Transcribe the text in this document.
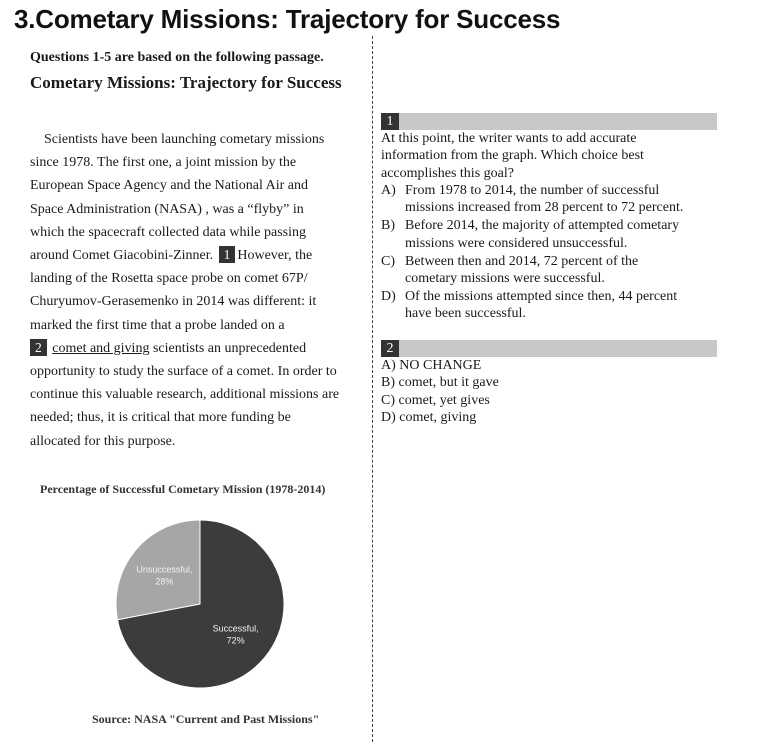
3.Cometary Missions: Trajectory for Success
Questions 1-5 are based on the following passage.
Cometary Missions: Trajectory for Success
Scientists have been launching cometary missions
since 1978. The first one, a joint mission by the
European Space Agency and the National Air and
Space Administration (NASA) , was a “flyby” in
which the spacecraft collected data while passing
around Comet Giacobini-Zinner. 1 However, the
landing of the Rosetta space probe on comet 67P/
Churyumov-Gerasemenko in 2014 was different: it
marked the first time that a probe landed on a
2 comet and giving scientists an unprecedented
opportunity to study the surface of a comet. In order to
continue this valuable research, additional missions are
needed; thus, it is critical that more funding be
allocated for this purpose.
Percentage of Successful Cometary Mission (1978-2014)
Successful,
72%
Unsuccessful,
28%
Source: NASA "Current and Past Missions"
1
At this point, the writer wants to add accurate
information from the graph. Which choice best
accomplishes this goal?
A) From 1978 to 2014, the number of successful
missions increased from 28 percent to 72 percent.
B) Before 2014, the majority of attempted cometary
missions were considered unsuccessful.
C) Between then and 2014, 72 percent of the
cometary missions were successful.
D) Of the missions attempted since then, 44 percent
have been successful.
2
A) NO CHANGE
B) comet, but it gave
C) comet, yet gives
D) comet, giving
